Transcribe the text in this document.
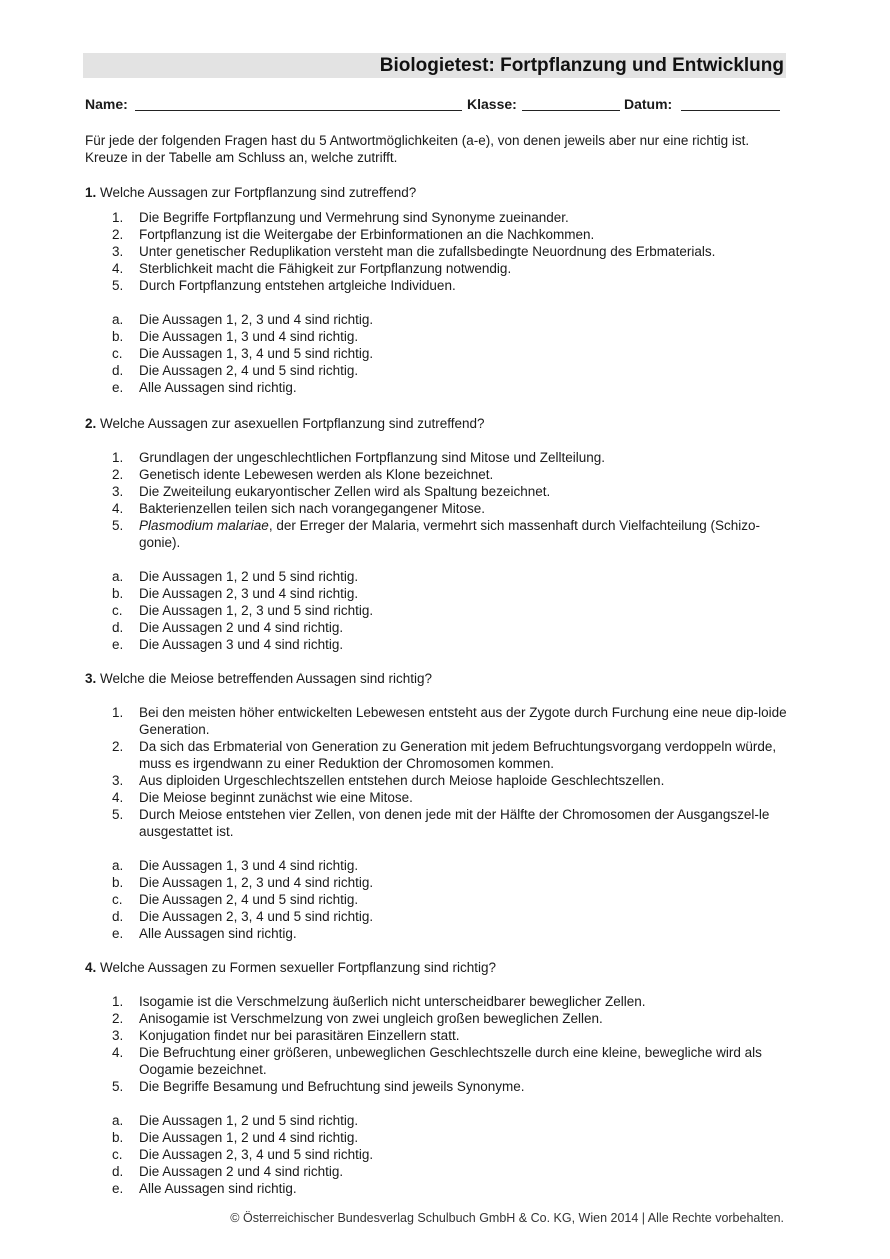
Biologietest: Fortpflanzung und Entwicklung
Name:	Klasse:	Datum:
Für jede der folgenden Fragen hast du 5 Antwortmöglichkeiten (a-e), von denen jeweils aber nur eine richtig ist. Kreuze in der Tabelle am Schluss an, welche zutrifft.
1. Welche Aussagen zur Fortpflanzung sind zutreffend?
1. Die Begriffe Fortpflanzung und Vermehrung sind Synonyme zueinander.
2. Fortpflanzung ist die Weitergabe der Erbinformationen an die Nachkommen.
3. Unter genetischer Reduplikation versteht man die zufallsbedingte Neuordnung des Erbmaterials.
4. Sterblichkeit macht die Fähigkeit zur Fortpflanzung notwendig.
5. Durch Fortpflanzung entstehen artgleiche Individuen.
a. Die Aussagen 1, 2, 3 und 4 sind richtig.
b. Die Aussagen 1, 3 und 4 sind richtig.
c. Die Aussagen 1, 3, 4 und 5 sind richtig.
d. Die Aussagen 2, 4 und 5 sind richtig.
e. Alle Aussagen sind richtig.
2. Welche Aussagen zur asexuellen Fortpflanzung sind zutreffend?
1. Grundlagen der ungeschlechtlichen Fortpflanzung sind Mitose und Zellteilung.
2. Genetisch idente Lebewesen werden als Klone bezeichnet.
3. Die Zweiteilung eukaryontischer Zellen wird als Spaltung bezeichnet.
4. Bakterienzellen teilen sich nach vorangegangener Mitose.
5. Plasmodium malariae, der Erreger der Malaria, vermehrt sich massenhaft durch Vielfachteilung (Schizo-gonie).
a. Die Aussagen 1, 2 und 5 sind richtig.
b. Die Aussagen 2, 3 und 4 sind richtig.
c. Die Aussagen 1, 2, 3 und 5 sind richtig.
d. Die Aussagen 2 und 4 sind richtig.
e. Die Aussagen 3 und 4 sind richtig.
3. Welche die Meiose betreffenden Aussagen sind richtig?
1. Bei den meisten höher entwickelten Lebewesen entsteht aus der Zygote durch Furchung eine neue dip-loide Generation.
2. Da sich das Erbmaterial von Generation zu Generation mit jedem Befruchtungsvorgang verdoppeln würde, muss es irgendwann zu einer Reduktion der Chromosomen kommen.
3. Aus diploiden Urgeschlechtszellen entstehen durch Meiose haploide Geschlechtszellen.
4. Die Meiose beginnt zunächst wie eine Mitose.
5. Durch Meiose entstehen vier Zellen, von denen jede mit der Hälfte der Chromosomen der Ausgangszel-le ausgestattet ist.
a. Die Aussagen 1, 3 und 4 sind richtig.
b. Die Aussagen 1, 2, 3 und 4 sind richtig.
c. Die Aussagen 2, 4 und 5 sind richtig.
d. Die Aussagen 2, 3, 4 und 5 sind richtig.
e. Alle Aussagen sind richtig.
4. Welche Aussagen zu Formen sexueller Fortpflanzung sind richtig?
1. Isogamie ist die Verschmelzung äußerlich nicht unterscheidbarer beweglicher Zellen.
2. Anisogamie ist Verschmelzung von zwei ungleich großen beweglichen Zellen.
3. Konjugation findet nur bei parasitären Einzellern statt.
4. Die Befruchtung einer größeren, unbeweglichen Geschlechtszelle durch eine kleine, bewegliche wird als Oogamie bezeichnet.
5. Die Begriffe Besamung und Befruchtung sind jeweils Synonyme.
a. Die Aussagen 1, 2 und 5 sind richtig.
b. Die Aussagen 1, 2 und 4 sind richtig.
c. Die Aussagen 2, 3, 4 und 5 sind richtig.
d. Die Aussagen 2 und 4 sind richtig.
e. Alle Aussagen sind richtig.
© Österreichischer Bundesverlag Schulbuch GmbH & Co. KG, Wien 2014 | Alle Rechte vorbehalten.
